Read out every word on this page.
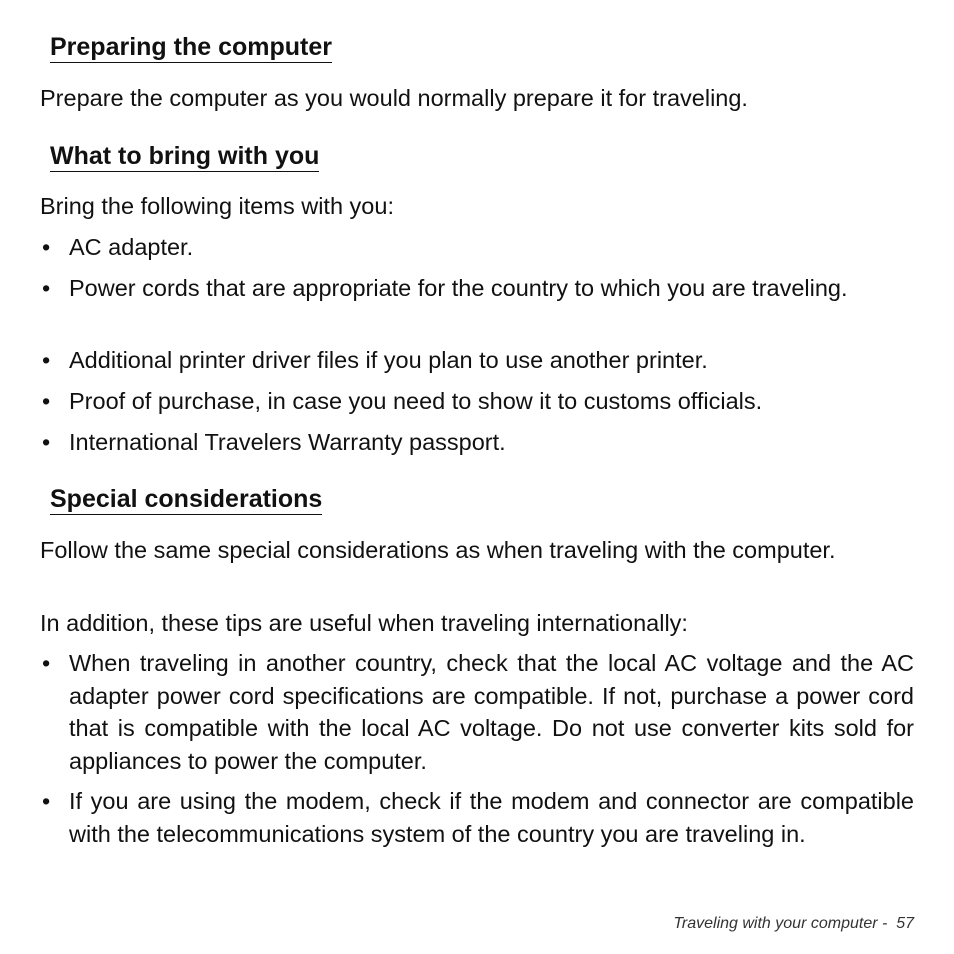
Preparing the computer

Prepare the computer as you would normally prepare it for traveling.

What to bring with you

Bring the following items with you:

• AC adapter.
• Power cords that are appropriate for the country to which you are traveling.
• Additional printer driver files if you plan to use another printer.
• Proof of purchase, in case you need to show it to customs officials.
• International Travelers Warranty passport.
Special considerations

Follow the same special considerations as when traveling with the computer.

In addition, these tips are useful when traveling internationally:

• When traveling in another country, check that the local AC voltage and the AC adapter power cord specifications are compatible. If not, purchase a power cord that is compatible with the local AC voltage. Do not use converter kits sold for appliances to power the computer.
• If you are using the modem, check if the modem and connector are compatible with the telecommunications system of the country you are traveling in.
Traveling with your computer -  57
